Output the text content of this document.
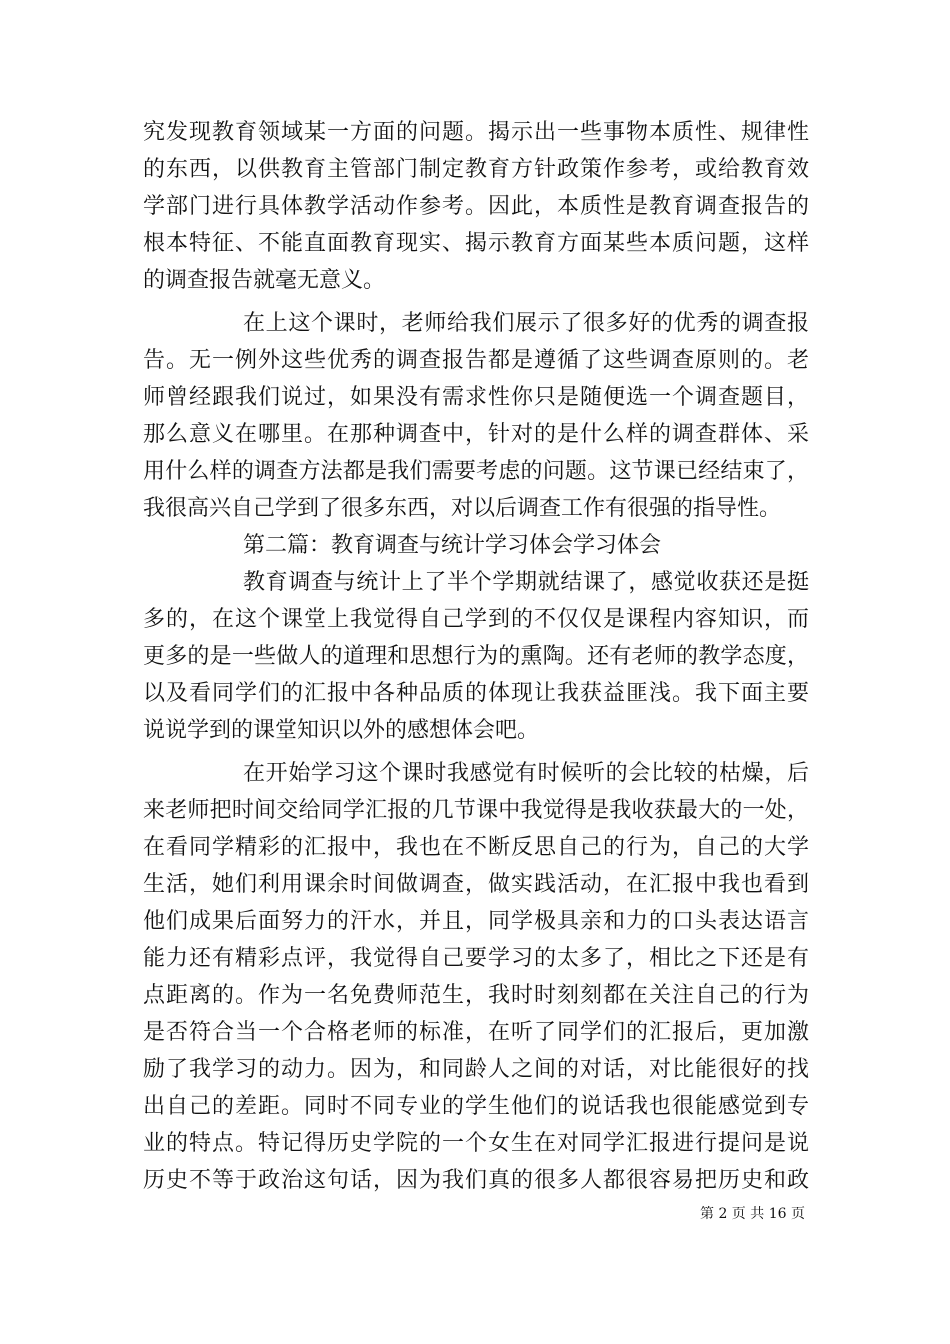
究发现教育领域某一方面的问题。揭示出一些事物本质性、规律性
的东西，以供教育主管部门制定教育方针政策作参考，或给教育效
学部门进行具体教学活动作参考。因此，本质性是教育调查报告的
根本特征、不能直面教育现实、揭示教育方面某些本质问题，这样
的调查报告就毫无意义。
在上这个课时，老师给我们展示了很多好的优秀的调查报
告。无一例外这些优秀的调查报告都是遵循了这些调查原则的。老
师曾经跟我们说过，如果没有需求性你只是随便选一个调查题目，
那么意义在哪里。在那种调查中，针对的是什么样的调查群体、采
用什么样的调查方法都是我们需要考虑的问题。这节课已经结束了，
我很高兴自己学到了很多东西，对以后调查工作有很强的指导性。
第二篇：教育调查与统计学习体会学习体会
教育调查与统计上了半个学期就结课了，感觉收获还是挺
多的，在这个课堂上我觉得自己学到的不仅仅是课程内容知识，而
更多的是一些做人的道理和思想行为的熏陶。还有老师的教学态度，
以及看同学们的汇报中各种品质的体现让我获益匪浅。我下面主要
说说学到的课堂知识以外的感想体会吧。
在开始学习这个课时我感觉有时候听的会比较的枯燥，后
来老师把时间交给同学汇报的几节课中我觉得是我收获最大的一处，
在看同学精彩的汇报中，我也在不断反思自己的行为，自己的大学
生活，她们利用课余时间做调查，做实践活动，在汇报中我也看到
他们成果后面努力的汗水，并且，同学极具亲和力的口头表达语言
能力还有精彩点评，我觉得自己要学习的太多了，相比之下还是有
点距离的。作为一名免费师范生，我时时刻刻都在关注自己的行为
是否符合当一个合格老师的标准，在听了同学们的汇报后，更加激
励了我学习的动力。因为，和同龄人之间的对话，对比能很好的找
出自己的差距。同时不同专业的学生他们的说话我也很能感觉到专
业的特点。特记得历史学院的一个女生在对同学汇报进行提问是说
历史不等于政治这句话，因为我们真的很多人都很容易把历史和政
第 2 页 共 16 页
